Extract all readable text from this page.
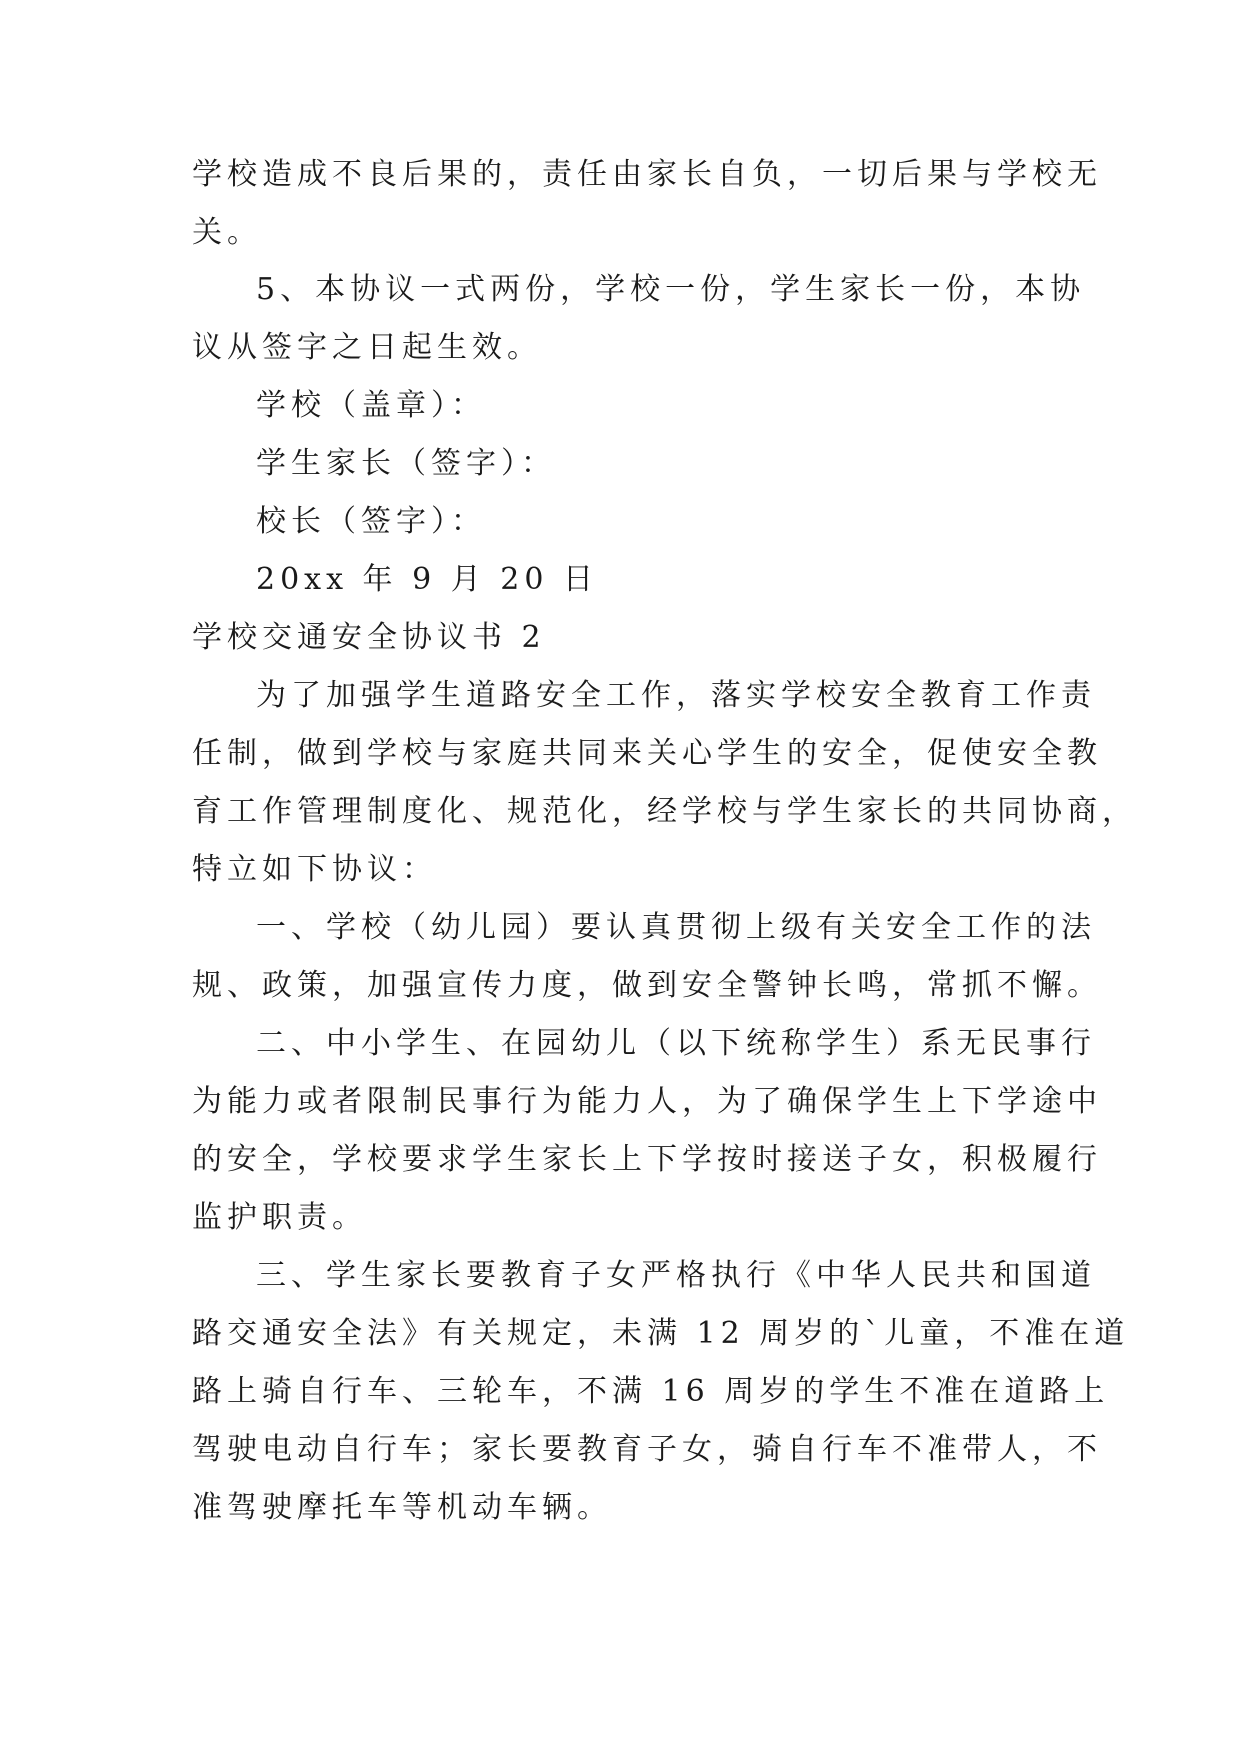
学校造成不良后果的，责任由家长自负，一切后果与学校无
关。
5、本协议一式两份，学校一份，学生家长一份，本协
议从签字之日起生效。
学校（盖章）：
学生家长（签字）：
校长（签字）：
20xx 年 9 月 20 日
学校交通安全协议书 2
为了加强学生道路安全工作，落实学校安全教育工作责
任制，做到学校与家庭共同来关心学生的安全，促使安全教
育工作管理制度化、规范化，经学校与学生家长的共同协商，
特立如下协议：
一、学校（幼儿园）要认真贯彻上级有关安全工作的法
规、政策，加强宣传力度，做到安全警钟长鸣，常抓不懈。
二、中小学生、在园幼儿（以下统称学生）系无民事行
为能力或者限制民事行为能力人，为了确保学生上下学途中
的安全，学校要求学生家长上下学按时接送子女，积极履行
监护职责。
三、学生家长要教育子女严格执行《中华人民共和国道
路交通安全法》有关规定，未满 12 周岁的`儿童，不准在道
路上骑自行车、三轮车，不满 16 周岁的学生不准在道路上
驾驶电动自行车；家长要教育子女，骑自行车不准带人，不
准驾驶摩托车等机动车辆。
